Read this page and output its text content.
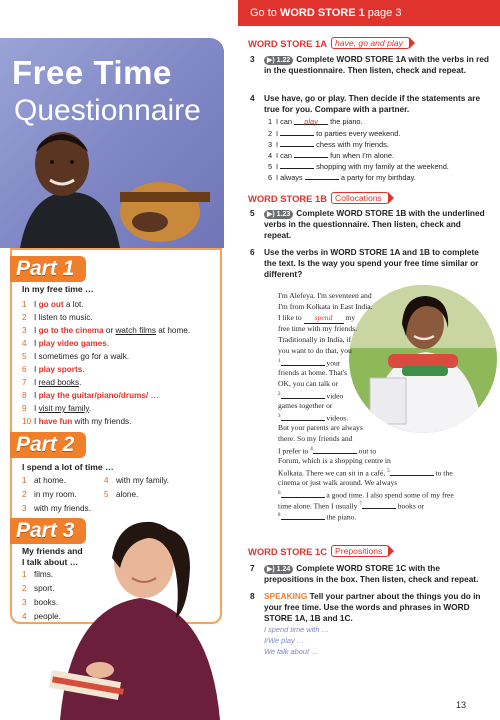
Free Time
Questionnaire
Part 1
In my free time …
1 I go out a lot.
2 I listen to music.
3 I go to the cinema or watch films at home.
4 I play video games.
5 I sometimes go for a walk.
6 I play sports.
7 I read books.
8 I play the guitar/piano/drums/ …
9 I visit my family.
10 I have fun with my friends.
Part 2
I spend a lot of time …
1 at home.
2 in my room.
3 with my friends.
4 with my family.
5 alone.
Part 3
My friends and
I talk about …
1 films.
2 sport.
3 books.
4 people.
Go to WORD STORE 1 page 3
WORD STORE 1A have, go and play
3	▶) 1.22 Complete WORD STORE 1A with the verbs in red in the questionnaire. Then listen, check and repeat.
4 Use have, go or play. Then decide if the statements are true for you. Compare with a partner.
1 I can play the piano.
2 I	to parties every weekend.
3 I	chess with my friends.
4 I can	fun when I'm alone.
5 I	shopping with my family at the weekend.
6 I always	a party for my birthday.
WORD STORE 1B Collocations
5	▶) 1.23 Complete WORD STORE 1B with the underlined verbs in the questionnaire. Then listen, check and repeat.
6 Use the verbs in WORD STORE 1A and 1B to complete the text. Is the way you spend your free time similar or different?
I'm Alefeya. I'm seventeen and
I'm from Kolkata in East India.
I like to spend my
free time with my friends.
Traditionally in India, if
you want to do that, you
$^1$	your
friends at home. That's
OK, you can talk or
$^2$	video
games together or
$^3$	videos.
But your parents are always
there. So my friends and
I prefer to $^4$	out to
Forum, which is a shopping centre in
Kolkata. There we can sit in a café, $^5$	to the
cinema or just walk around. We always
$^6$	a good time. I also spend some of my free
time alone. Then I usually $^7$	books or
$^8$	the piano.
WORD STORE 1C Prepositions
7	▶) 1.24 Complete WORD STORE 1C with the prepositions in the box. Then listen, check and repeat.
8 SPEAKING Tell your partner about the things you do in your free time. Use the words and phrases in WORD STORE 1A, 1B and 1C.
I spend time with …
I/We play …
We talk about …
13
